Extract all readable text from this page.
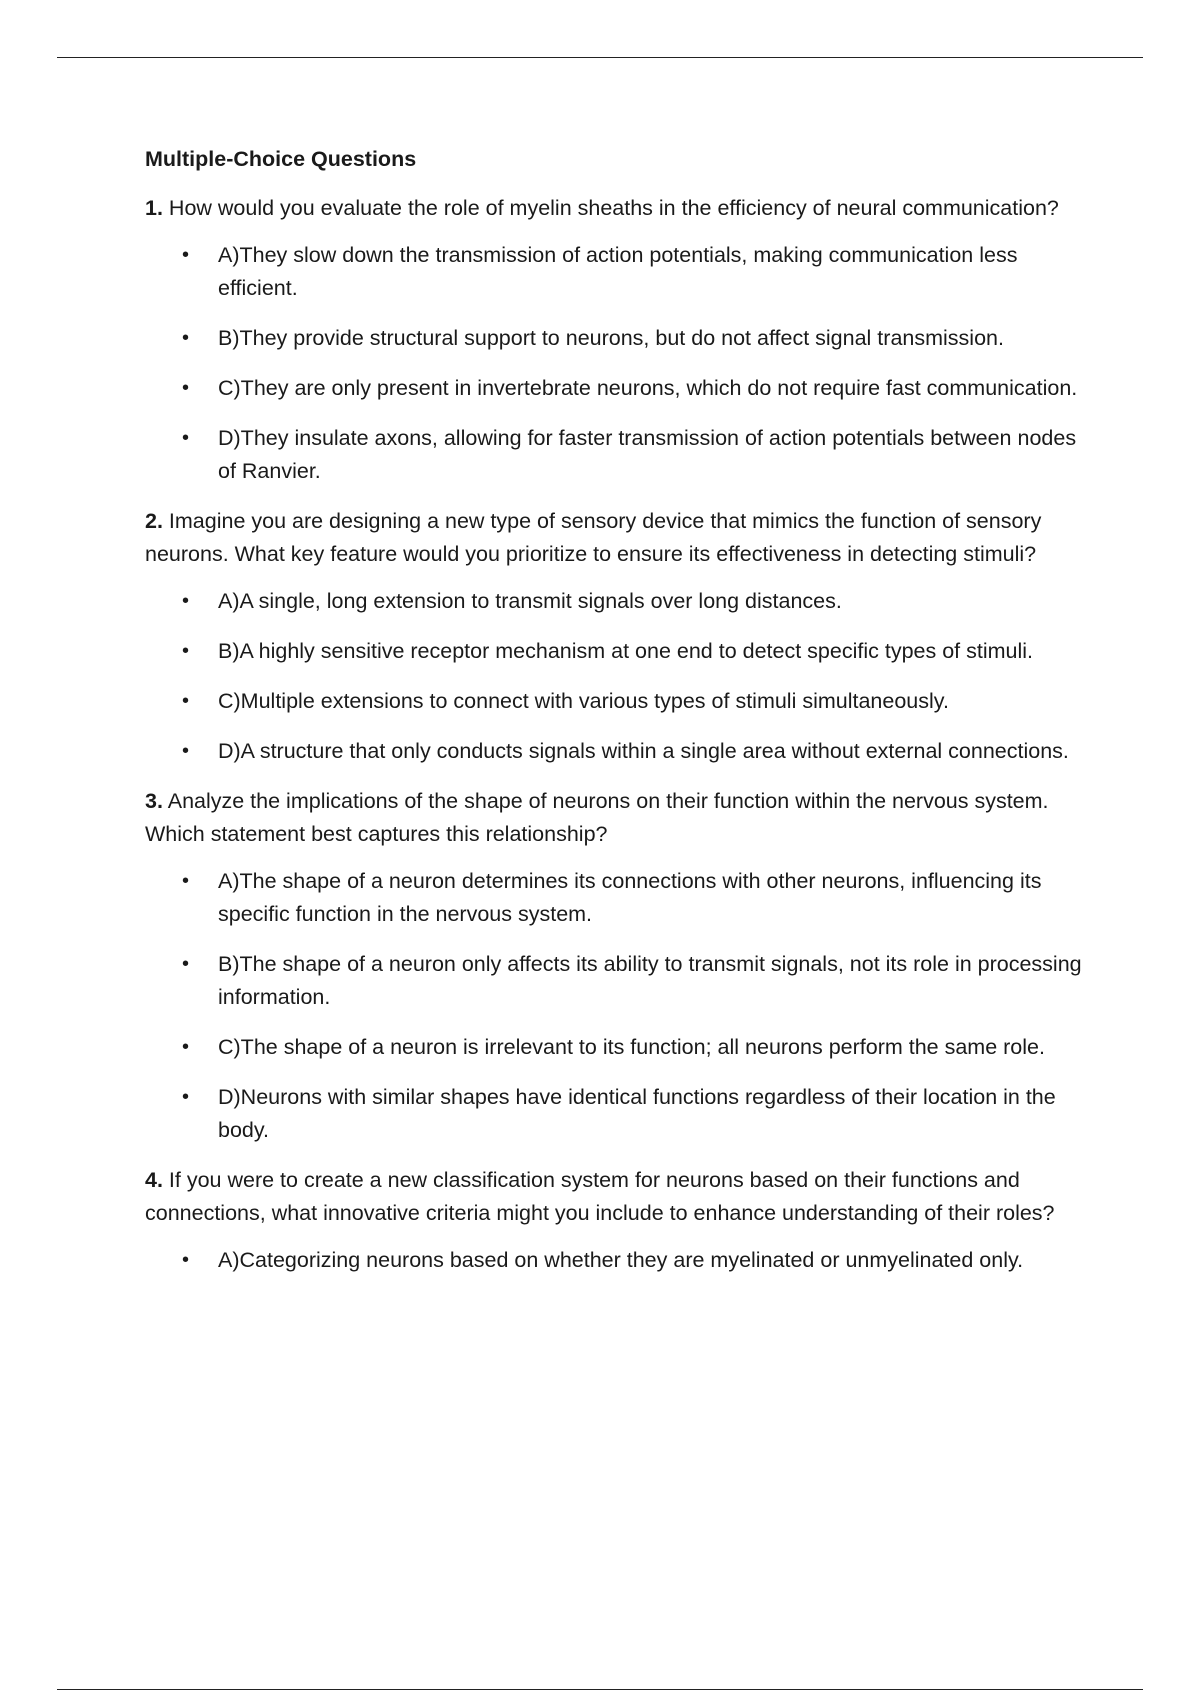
Multiple-Choice Questions
1. How would you evaluate the role of myelin sheaths in the efficiency of neural communication?
• A)They slow down the transmission of action potentials, making communication less efficient.
• B)They provide structural support to neurons, but do not affect signal transmission.
• C)They are only present in invertebrate neurons, which do not require fast communication.
• D)They insulate axons, allowing for faster transmission of action potentials between nodes of Ranvier.
2. Imagine you are designing a new type of sensory device that mimics the function of sensory neurons. What key feature would you prioritize to ensure its effectiveness in detecting stimuli?
• A)A single, long extension to transmit signals over long distances.
• B)A highly sensitive receptor mechanism at one end to detect specific types of stimuli.
• C)Multiple extensions to connect with various types of stimuli simultaneously.
• D)A structure that only conducts signals within a single area without external connections.
3. Analyze the implications of the shape of neurons on their function within the nervous system. Which statement best captures this relationship?
• A)The shape of a neuron determines its connections with other neurons, influencing its specific function in the nervous system.
• B)The shape of a neuron only affects its ability to transmit signals, not its role in processing information.
• C)The shape of a neuron is irrelevant to its function; all neurons perform the same role.
• D)Neurons with similar shapes have identical functions regardless of their location in the body.
4. If you were to create a new classification system for neurons based on their functions and connections, what innovative criteria might you include to enhance understanding of their roles?
• A)Categorizing neurons based on whether they are myelinated or unmyelinated only.
